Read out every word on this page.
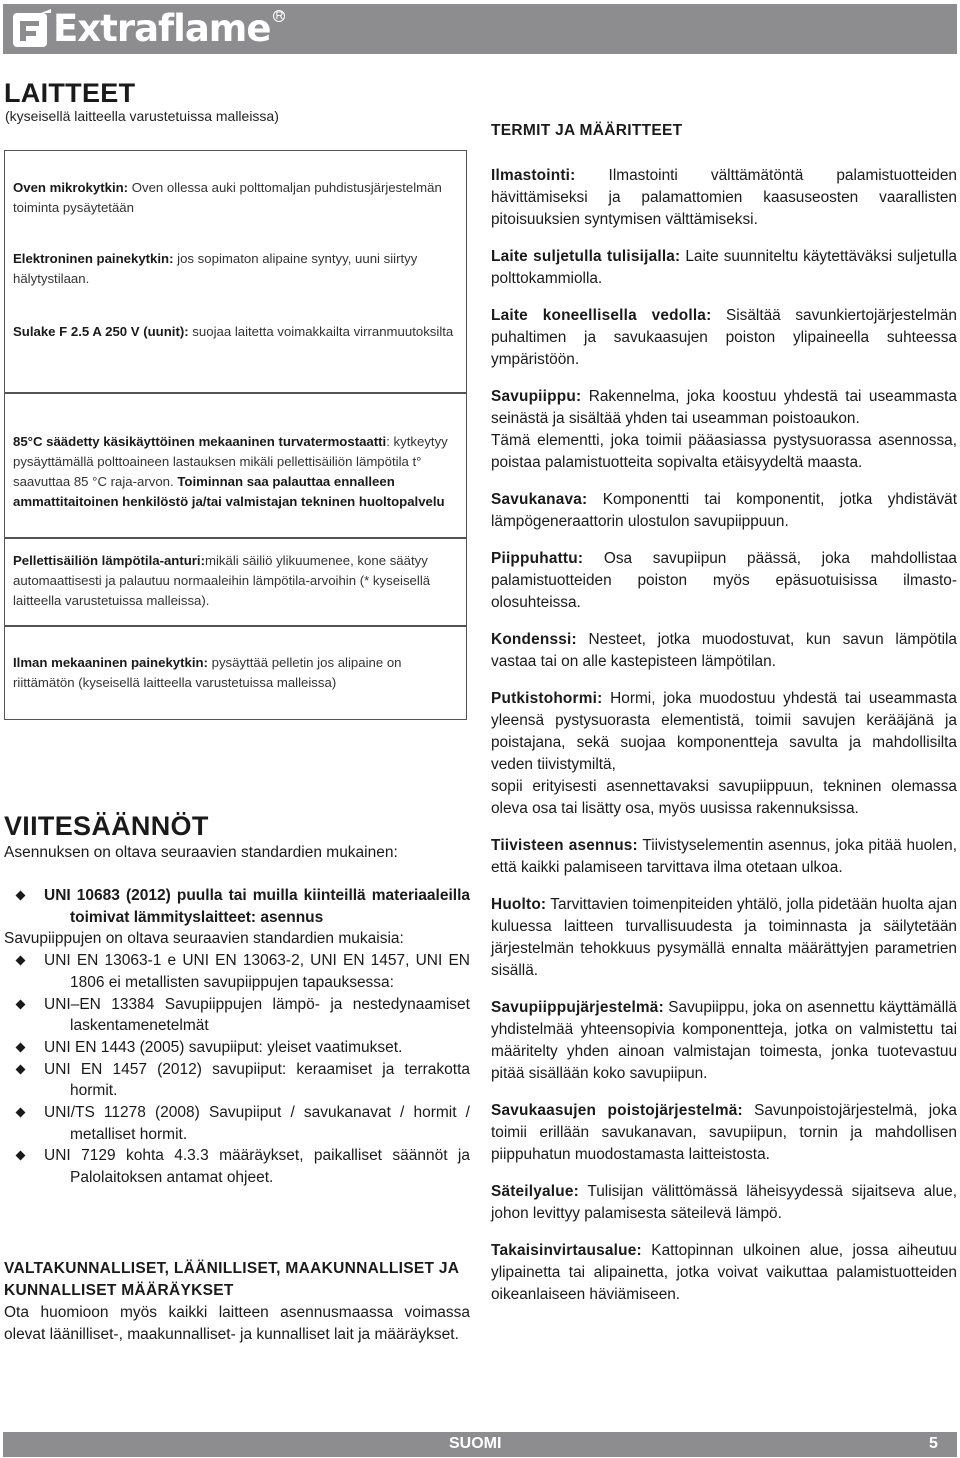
Extraflame R
LAITTEET
(kyseisellä laitteella varustetuissa malleissa)

Oven mikrokytkin: Oven ollessa auki polttomaljan puhdistusjärjestelmän toiminta pysäytetään

Elektroninen painekytkin: jos sopimaton alipaine syntyy, uuni siirtyy hälytystilaan.

Sulake F 2.5 A 250 V (uunit): suojaa laitetta voimakkailta virranmuutoksilta

85°C säädetty käsikäyttöinen mekaaninen turvatermostaatti: kytkeytyy pysäyttämällä polttoaineen lastauksen mikäli pellettisäiliön lämpötila t° saavuttaa 85 °C raja-arvon. Toiminnan saa palauttaa ennalleen ammattitaitoinen henkilöstö ja/tai valmistajan tekninen huoltopalvelu

Pellettisäiliön lämpötila-anturi:mikäli säiliö ylikuumenee, kone säätyy automaattisesti ja palautuu normaaleihin lämpötila-arvoihin (* kyseisellä laitteella varustetuissa malleissa).

Ilman mekaaninen painekytkin: pysäyttää pelletin jos alipaine on riittämätön (kyseisellä laitteella varustetuissa malleissa)

VIITESÄÄNNÖT
Asennuksen on oltava seuraavien standardien mukainen:
UNI 10683 (2012) puulla tai muilla kiinteillä materiaaleilla toimivat lämmityslaitteet: asennus
Savupiippujen on oltava seuraavien standardien mukaisia:
UNI EN 13063-1 e UNI EN 13063-2, UNI EN 1457, UNI EN 1806 ei metallisten savupiippujen tapauksessa:
UNI–EN 13384 Savupiippujen lämpö- ja nestedynaamiset laskentamenetelmät
UNI EN 1443 (2005) savupiiput: yleiset vaatimukset.
UNI EN 1457 (2012) savupiiput: keraamiset ja terrakotta hormit.
UNI/TS 11278 (2008) Savupiiput / savukanavat / hormit / metalliset hormit.
UNI 7129 kohta 4.3.3 määräykset, paikalliset säännöt ja Palolaitoksen antamat ohjeet.
VALTAKUNNALLISET, LÄÄNILLISET, MAAKUNNALLISET JA KUNNALLISET MÄÄRÄYKSET
Ota huomioon myös kaikki laitteen asennusmaassa voimassa olevat läänilliset-, maakunnalliset- ja kunnalliset lait ja määräykset.
TERMIT JA MÄÄRITTEET
Ilmastointi: Ilmastointi välttämätöntä palamistuotteiden hävittämiseksi ja palamattomien kaasuseosten vaarallisten pitoisuuksien syntymisen välttämiseksi.
Laite suljetulla tulisijalla: Laite suunniteltu käytettäväksi suljetulla polttokammiolla.
Laite koneellisella vedolla: Sisältää savunkiertojärjestelmän puhaltimen ja savukaasujen poiston ylipaineella suhteessa ympäristöön.
Savupiippu: Rakennelma, joka koostuu yhdestä tai useammasta seinästä ja sisältää yhden tai useamman poistoaukon.
Tämä elementti, joka toimii pääasiassa pystysuorassa asennossa, poistaa palamistuotteita sopivalta etäisyydeltä maasta.
Savukanava: Komponentti tai komponentit, jotka yhdistävät lämpögeneraattorin ulostulon savupiippuun.
Piippuhattu: Osa savupiipun päässä, joka mahdollistaa palamistuotteiden poiston myös epäsuotuisissa ilmasto-olosuhteissa.
Kondenssi: Nesteet, jotka muodostuvat, kun savun lämpötila vastaa tai on alle kastepisteen lämpötilan.
Putkistohormi: Hormi, joka muodostuu yhdestä tai useammasta yleensä pystysuorasta elementistä, toimii savujen kerääjänä ja poistajana, sekä suojaa komponentteja savulta ja mahdollisilta veden tiivistymiltä,
sopii erityisesti asennettavaksi savupiippuun, tekninen olemassa oleva osa tai lisätty osa, myös uusissa rakennuksissa.
Tiivisteen asennus: Tiivistyselementin asennus, joka pitää huolen, että kaikki palamiseen tarvittava ilma otetaan ulkoa.
Huolto: Tarvittavien toimenpiteiden yhtälö, jolla pidetään huolta ajan kuluessa laitteen turvallisuudesta ja toiminnasta ja säilytetään järjestelmän tehokkuus pysymällä ennalta määrättyjen parametrien sisällä.
Savupiippujärjestelmä: Savupiippu, joka on asennettu käyttämällä yhdistelmää yhteensopivia komponentteja, jotka on valmistettu tai määritelty yhden ainoan valmistajan toimesta, jonka tuotevastuu pitää sisällään koko savupiipun.
Savukaasujen poistojärjestelmä: Savunpoistojärjestelmä, joka toimii erillään savukanavan, savupiipun, tornin ja mahdollisen piippuhatun muodostamasta laitteistosta.
Säteilyalue: Tulisijan välittömässä läheisyydessä sijaitseva alue, johon levittyy palamisesta säteilevä lämpö.
Takaisinvirtausalue: Kattopinnan ulkoinen alue, jossa aiheutuu ylipainetta tai alipainetta, jotka voivat vaikuttaa palamistuotteiden oikeanlaiseen häviämiseen.
SUOMI	5
